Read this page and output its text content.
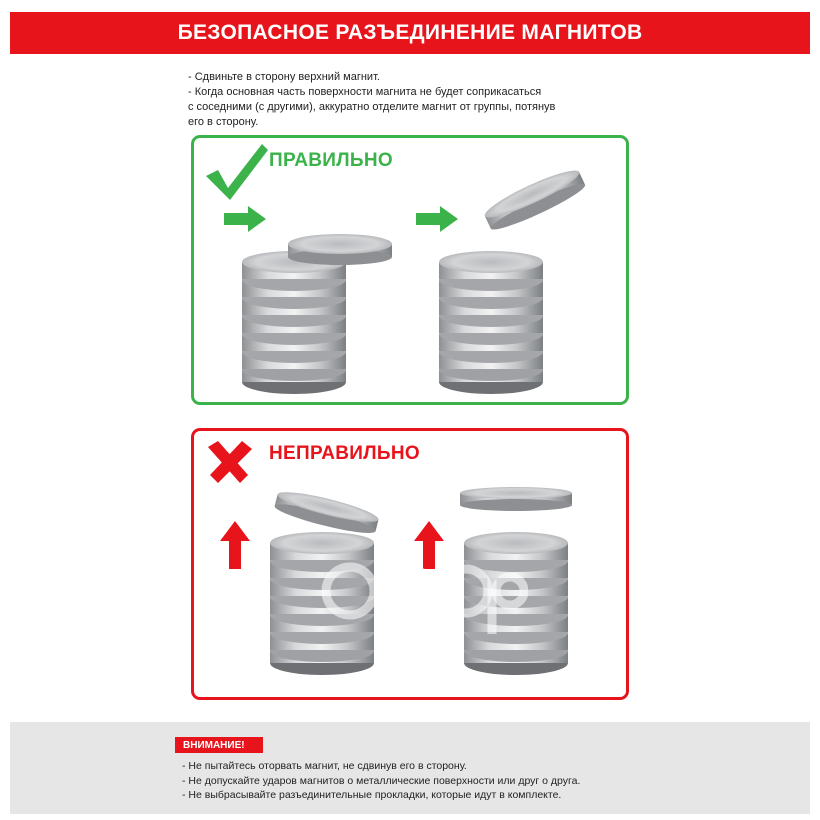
БЕЗОПАСНОЕ РАЗЪЕДИНЕНИЕ МАГНИТОВ
- Сдвиньте в сторону верхний магнит.
- Когда основная часть поверхности магнита не будет соприкасаться
с соседними (с другими), аккуратно отделите магнит от группы, потянув
его в сторону.
ПРАВИЛЬНО
НЕПРАВИЛЬНО
ВНИМАНИЕ!
- Не пытайтесь оторвать магнит, не сдвинув его в сторону.
- Не допускайте ударов магнитов о металлические поверхности или друг о друга.
- Не выбрасывайте разъединительные прокладки, которые идут в комплекте.
